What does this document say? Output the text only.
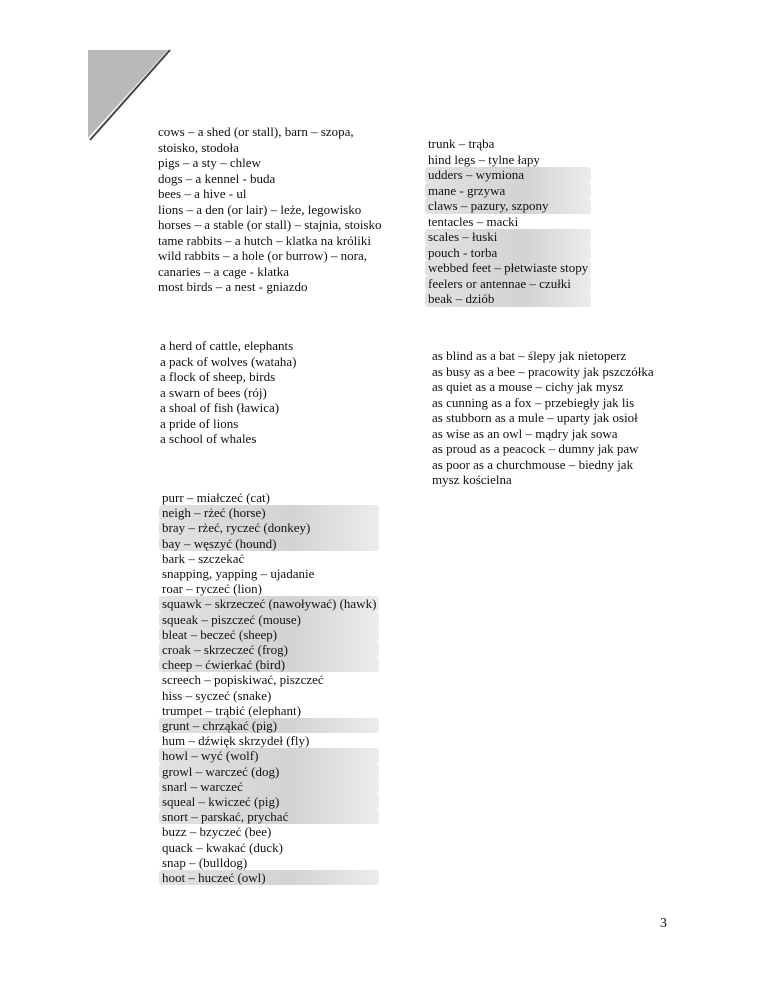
cows – a shed (or stall), barn – szopa,
stoisko, stodoła
pigs – a sty – chlew
dogs – a kennel - buda
bees – a hive - ul
lions – a den (or lair) – leże, legowisko
horses – a stable (or stall) – stajnia, stoisko
tame rabbits – a hutch – klatka na króliki
wild rabbits – a hole (or burrow) – nora,
canaries – a cage - klatka
most birds – a nest - gniazdo
trunk – trąba
hind legs – tylne łapy
udders – wymiona
mane - grzywa
claws – pazury, szpony
tentacles – macki
scales – łuski
pouch - torba
webbed feet – płetwiaste stopy
feelers or antennae – czułki
beak – dziób
a herd of cattle, elephants
a pack of wolves (wataha)
a flock of sheep, birds
a swarn of bees (rój)
a shoal of fish (ławica)
a pride of lions
a school of whales
as blind as a bat – ślepy jak nietoperz
as busy as a bee – pracowity jak pszczółka
as quiet as a mouse – cichy jak mysz
as cunning as a fox – przebiegły jak lis
as stubborn as a mule – uparty jak osioł
as wise as an owl – mądry jak sowa
as proud as a peacock – dumny jak paw
as poor as a churchmouse – biedny jak
mysz kościelna
purr – miałczeć (cat)
neigh – rżeć (horse)
bray – rżeć, ryczeć (donkey)
bay – węszyć (hound)
bark – szczekać
snapping, yapping – ujadanie
roar – ryczeć (lion)
squawk – skrzeczeć (nawoływać) (hawk)
squeak – piszczeć (mouse)
bleat – beczeć (sheep)
croak – skrzeczeć (frog)
cheep – ćwierkać (bird)
screech – popiskiwać, piszczeć
hiss – syczeć (snake)
trumpet – trąbić (elephant)
grunt – chrząkać (pig)
hum – dźwięk skrzydeł (fly)
howl – wyć (wolf)
growl – warczeć (dog)
snarl – warczeć
squeal – kwiczeć (pig)
snort – parskać, prychać
buzz – bzyczeć (bee)
quack – kwakać (duck)
snap – (bulldog)
hoot – huczeć (owl)
3
